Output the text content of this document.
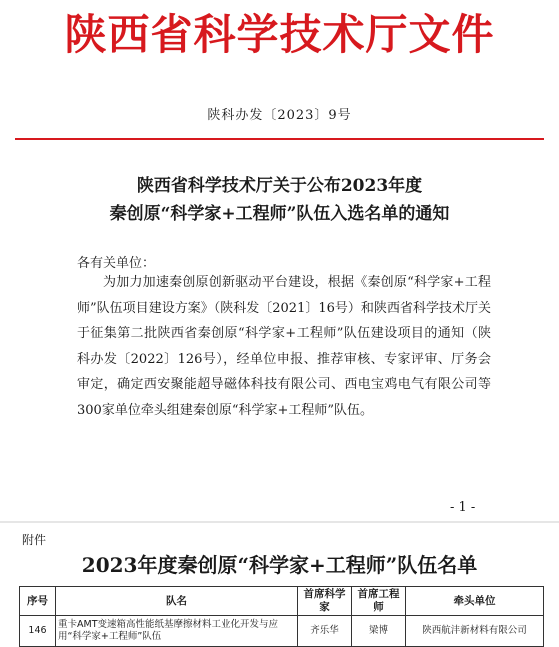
陕西省科学技术厅文件
陕科办发〔2023〕9号
陕西省科学技术厅关于公布2023年度
秦创原“科学家+工程师”队伍入选名单的通知
各有关单位：
为加力加速秦创原创新驱动平台建设，根据《秦创原“科学家+工程师”队伍项目建设方案》（陕科发〔2021〕16号）和陕西省科学技术厅关于征集第二批陕西省秦创原“科学家+工程师”队伍建设项目的通知（陕科办发〔2022〕126号），经单位申报、推荐审核、专家评审、厅务会审定，确定西安聚能超导磁体科技有限公司、西电宝鸡电气有限公司等300家单位牵头组建秦创原“科学家+工程师”队伍。
- 1 -
附件
2023年度秦创原“科学家+工程师”队伍名单
序号	队名	首席科学家	首席工程师	牵头单位
146	重卡AMT变速箱高性能纸基摩擦材料工业化开发与应用“科学家+工程师”队伍	齐乐华	梁博	陕西航沣新材料有限公司
